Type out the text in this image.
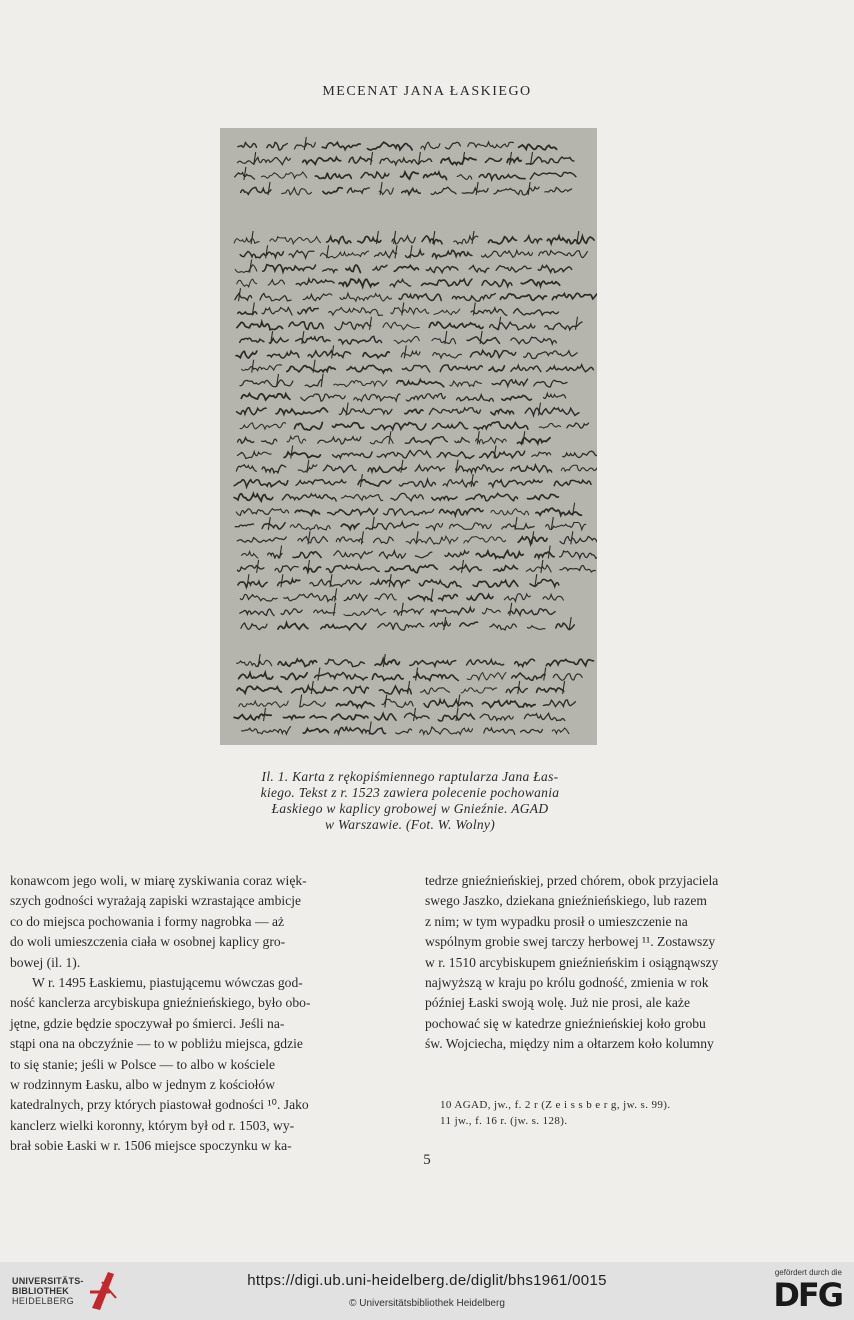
MECENAT JANA ŁASKIEGO
Il. 1. Karta z rękopiśmiennego raptularza Jana Łas-
kiego. Tekst z r. 1523 zawiera polecenie pochowania
Łaskiego w kaplicy grobowej w Gnieźnie. AGAD
w Warszawie. (Fot. W. Wolny)
konawcom jego woli, w miarę zyskiwania coraz więk-
szych godności wyrażają zapiski wzrastające ambicje
co do miejsca pochowania i formy nagrobka — aż
do woli umieszczenia ciała w osobnej kaplicy gro-
bowej (il. 1).
W r. 1495 Łaskiemu, piastującemu wówczas god-
ność kanclerza arcybiskupa gnieźnieńskiego, było obo-
jętne, gdzie będzie spoczywał po śmierci. Jeśli na-
stąpi ona na obczyźnie — to w pobliżu miejsca, gdzie
to się stanie; jeśli w Polsce — to albo w kościele
w rodzinnym Łasku, albo w jednym z kościołów
katedralnych, przy których piastował godności ¹⁰. Jako
kanclerz wielki koronny, którym był od r. 1503, wy-
brał sobie Łaski w r. 1506 miejsce spoczynku w ka-
tedrze gnieźnieńskiej, przed chórem, obok przyjaciela
swego Jaszko, dziekana gnieźnieńskiego, lub razem
z nim; w tym wypadku prosił o umieszczenie na
wspólnym grobie swej tarczy herbowej ¹¹. Zostawszy
w r. 1510 arcybiskupem gnieźnieńskim i osiągnąwszy
najwyższą w kraju po królu godność, zmienia w rok
później Łaski swoją wolę. Już nie prosi, ale każe
pochować się w katedrze gnieźnieńskiej koło grobu
św. Wojciecha, między nim a ołtarzem koło kolumny
10 AGAD, jw., f. 2 r (Z e i s s b e r g, jw. s. 99).
11 jw., f. 16 r. (jw. s. 128).
5
UNIVERSITÄTS-
BIBLIOTHEK
HEIDELBERG
https://digi.ub.uni-heidelberg.de/diglit/bhs1961/0015
© Universitätsbibliothek Heidelberg
gefördert durch die
DFG
